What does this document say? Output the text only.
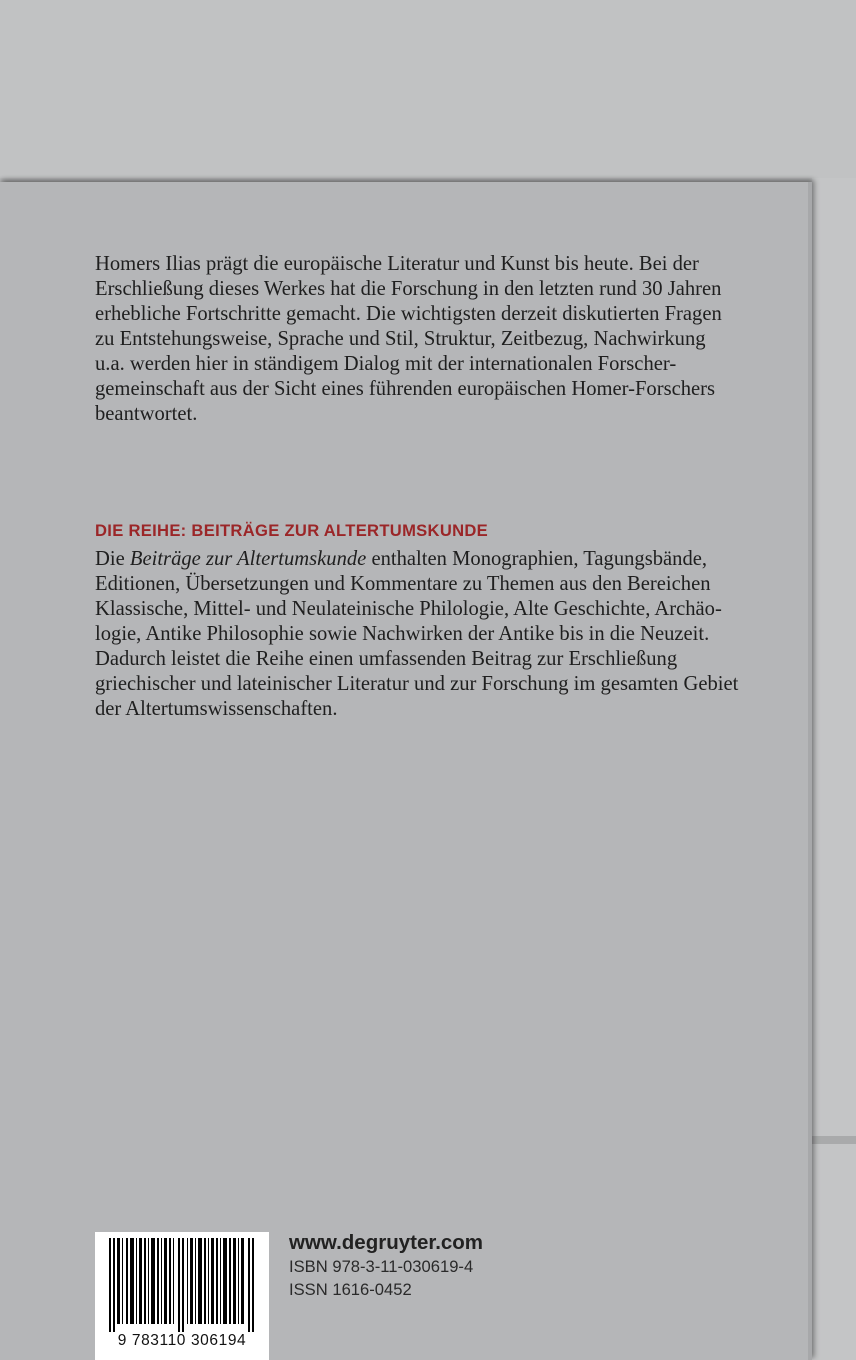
Homers Ilias prägt die europäische Literatur und Kunst bis heute. Bei der
Erschließung dieses Werkes hat die Forschung in den letzten rund 30 Jahren
erhebliche Fortschritte gemacht. Die wichtigsten derzeit diskutierten Fragen
zu Entstehungsweise, Sprache und Stil, Struktur, Zeitbezug, Nachwirkung
u.a. werden hier in ständigem Dialog mit der internationalen Forscher-
gemeinschaft aus der Sicht eines führenden europäischen Homer-Forschers
beantwortet.

DIE REIHE: BEITRÄGE ZUR ALTERTUMSKUNDE

Die Beiträge zur Altertumskunde enthalten Monographien, Tagungsbände,
Editionen, Übersetzungen und Kommentare zu Themen aus den Bereichen
Klassische, Mittel- und Neulateinische Philologie, Alte Geschichte, Archäo-
logie, Antike Philosophie sowie Nachwirken der Antike bis in die Neuzeit.
Dadurch leistet die Reihe einen umfassenden Beitrag zur Erschließung
griechischer und lateinischer Literatur und zur Forschung im gesamten Gebiet
der Altertumswissenschaften.

9 783110 306194

www.degruyter.com

ISBN 978-3-11-030619-4

ISSN 1616-0452
